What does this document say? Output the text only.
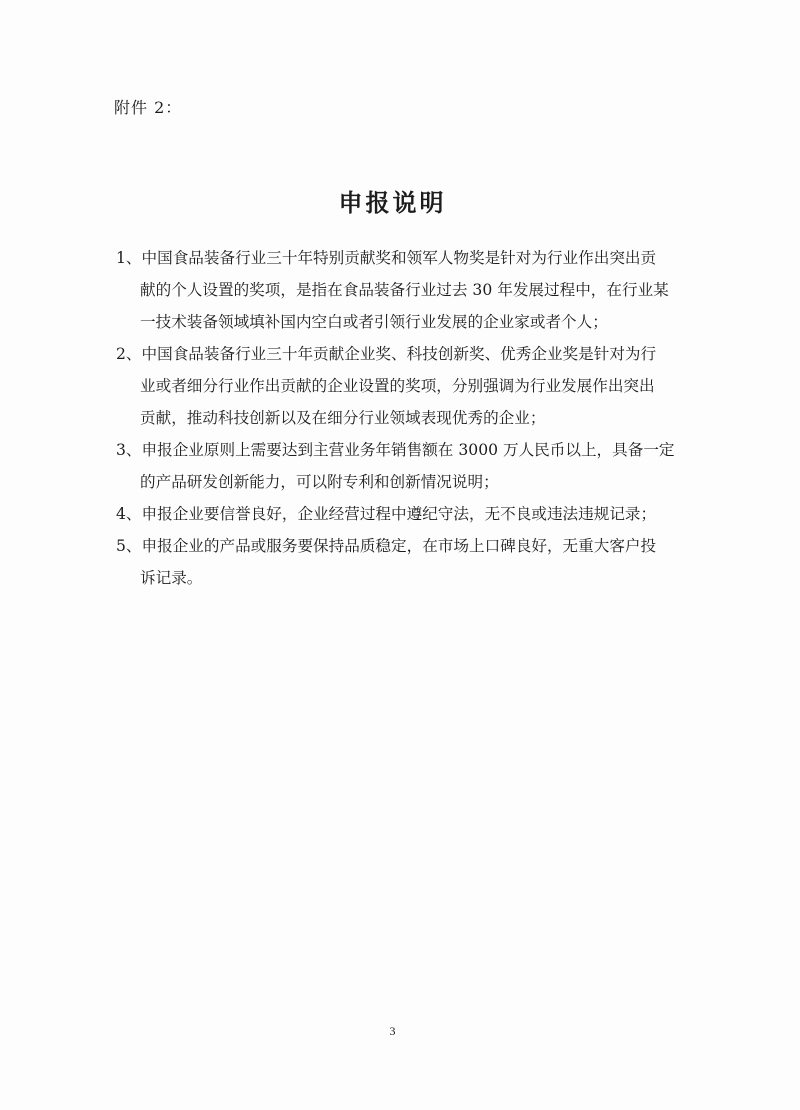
附件 2：
申报说明
1、中国食品装备行业三十年特别贡献奖和领军人物奖是针对为行业作出突出贡
献的个人设置的奖项，是指在食品装备行业过去 30 年发展过程中，在行业某
一技术装备领域填补国内空白或者引领行业发展的企业家或者个人；
2、中国食品装备行业三十年贡献企业奖、科技创新奖、优秀企业奖是针对为行
业或者细分行业作出贡献的企业设置的奖项，分别强调为行业发展作出突出
贡献，推动科技创新以及在细分行业领域表现优秀的企业；
3、申报企业原则上需要达到主营业务年销售额在 3000 万人民币以上，具备一定
的产品研发创新能力，可以附专利和创新情况说明；
4、申报企业要信誉良好，企业经营过程中遵纪守法，无不良或违法违规记录；
5、申报企业的产品或服务要保持品质稳定，在市场上口碑良好，无重大客户投
诉记录。
3
